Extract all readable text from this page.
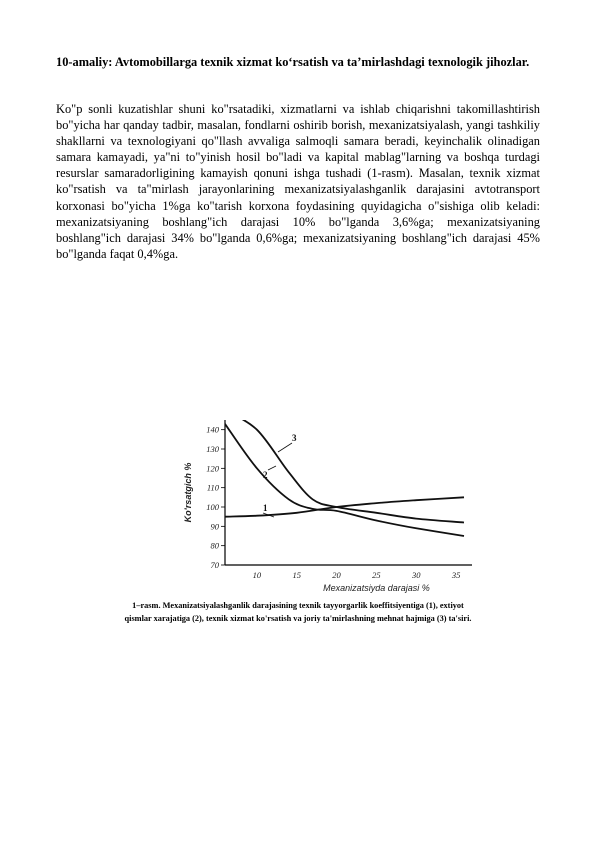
10-amaliy: Avtomobillarga texnik xizmat ko‘rsatish va ta’mirlashdagi texnologik jihozlar.

Ko"p sonli kuzatishlar shuni ko"rsatadiki, xizmatlarni va ishlab chiqarishni takomillashtirish bo"yicha har qanday tadbir, masalan, fondlarni oshirib borish, mexanizatsiyalash, yangi tashkiliy shakllarni va texnologiyani qo"llash avvaliga salmoqli samara beradi, keyinchalik olinadigan samara kamayadi, ya"ni to"yinish hosil bo"ladi va kapital mablag"larning va boshqa turdagi resurslar samaradorligining kamayish qonuni ishga tushadi (1-rasm). Masalan, texnik xizmat ko"rsatish va ta"mirlash jarayonlarining mexanizatsiyalashganlik darajasini avtotransport korxonasi bo"yicha 1%ga ko"tarish korxona foydasining quyidagicha o"sishiga olib keladi: mexanizatsiyaning boshlang"ich darajasi 10% bo"lganda 3,6%ga; mexanizatsiyaning boshlang"ich darajasi 34% bo"lganda 0,6%ga; mexanizatsiyaning boshlang"ich darajasi 45% bo"lganda faqat 0,4%ga.

140
130
120
110
100
90
80
70
10	15	20	25	30	35
1
2
3
Mexanizatsiyda darajasi %
Ko'rsatgich %

1–rasm. Mexanizatsiyalashganlik darajasining texnik tayyorgarlik koeffitsiyentiga (1), extiyot qismlar xarajatiga (2), texnik xizmat ko'rsatish va joriy ta'mirlashning mehnat hajmiga (3) ta'siri.
